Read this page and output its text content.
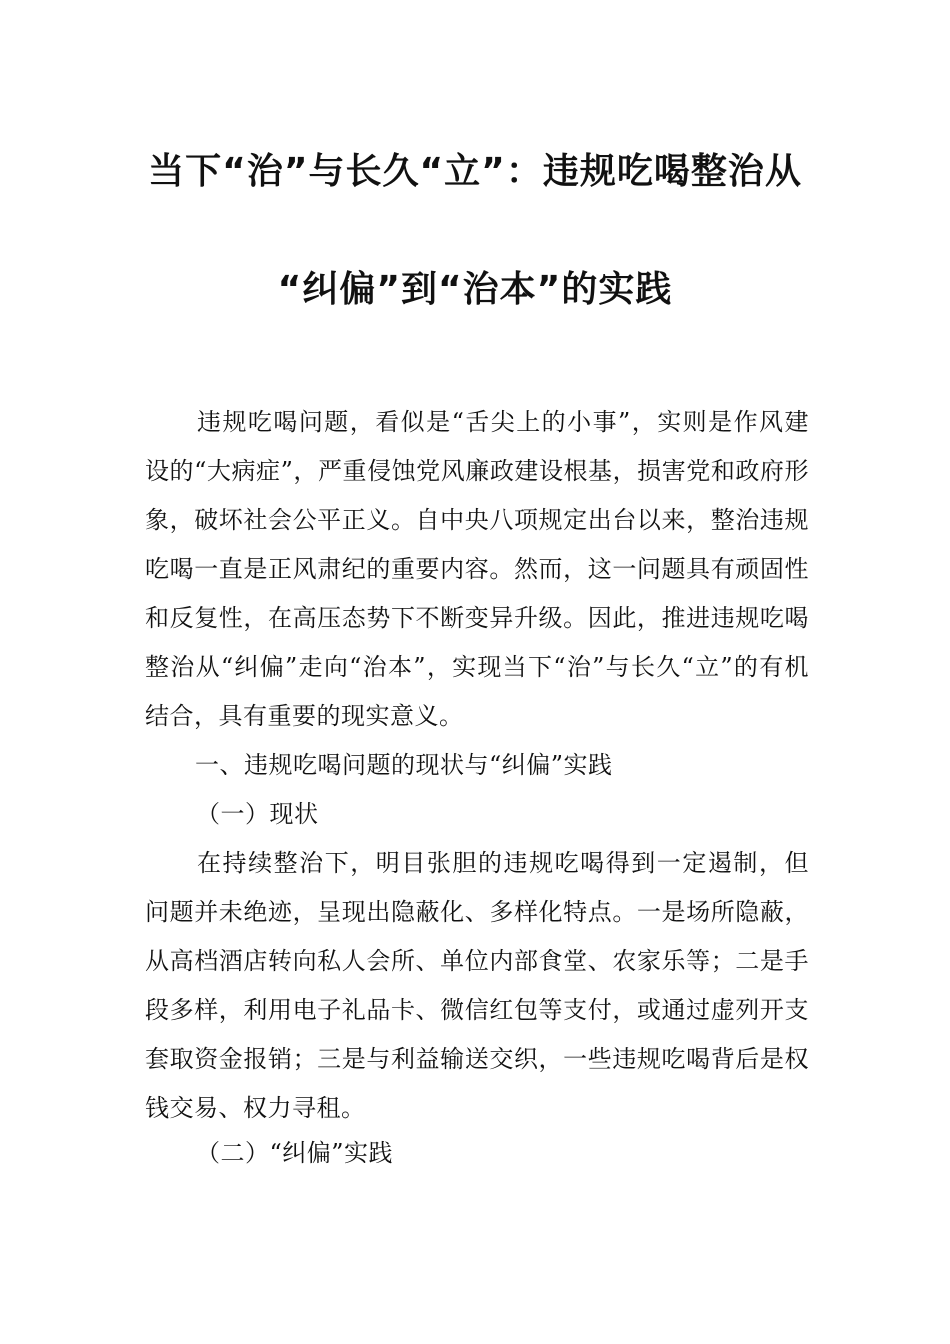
当下“治”与长久“立”：违规吃喝整治从
“纠偏”到“治本”的实践
违规吃喝问题，看似是“舌尖上的小事”，实则是作风建设的“大病症”，严重侵蚀党风廉政建设根基，损害党和政府形象，破坏社会公平正义。自中央八项规定出台以来，整治违规吃喝一直是正风肃纪的重要内容。然而，这一问题具有顽固性和反复性，在高压态势下不断变异升级。因此，推进违规吃喝整治从“纠偏”走向“治本”，实现当下“治”与长久“立”的有机结合，具有重要的现实意义。
一、违规吃喝问题的现状与“纠偏”实践
（一）现状
在持续整治下，明目张胆的违规吃喝得到一定遏制，但问题并未绝迹，呈现出隐蔽化、多样化特点。一是场所隐蔽，从高档酒店转向私人会所、单位内部食堂、农家乐等；二是手段多样，利用电子礼品卡、微信红包等支付，或通过虚列开支套取资金报销；三是与利益输送交织，一些违规吃喝背后是权钱交易、权力寻租。
（二）“纠偏”实践
